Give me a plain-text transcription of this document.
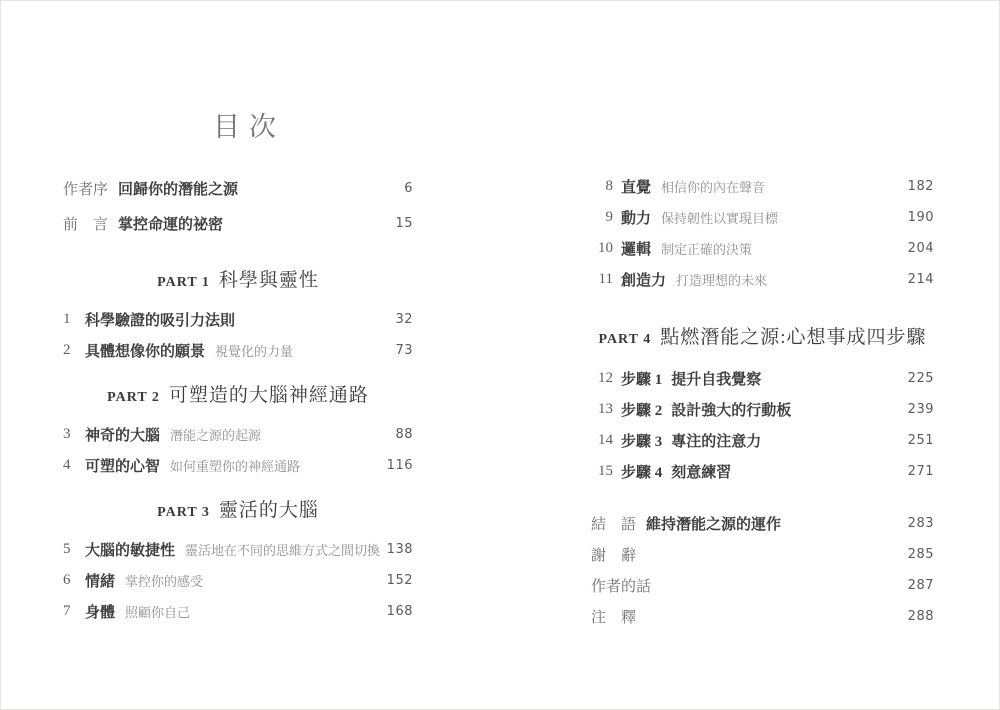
目次
作者序 回歸你的潛能之源	6
前　言 掌控命運的祕密	15
PART 1 科學與靈性
1 科學驗證的吸引力法則	32
2 具體想像你的願景 視覺化的力量	73
PART 2 可塑造的大腦神經通路
3 神奇的大腦 潛能之源的起源	88
4 可塑的心智 如何重塑你的神經通路	116
PART 3 靈活的大腦
5 大腦的敏捷性 靈活地在不同的思維方式之間切換 138
6 情緒 掌控你的感受	152
7 身體 照顧你自己	168
8 直覺 相信你的內在聲音	182
9 動力 保持韌性以實現目標	190
10 邏輯 制定正確的決策	204
11 創造力 打造理想的未來	214
PART 4 點燃潛能之源:心想事成四步驟
12 步驟 1 提升自我覺察	225
13 步驟 2 設計強大的行動板	239
14 步驟 3 專注的注意力	251
15 步驟 4 刻意練習	271
結　語 維持潛能之源的運作	283
謝　辭	285
作者的話	287
注　釋	288
